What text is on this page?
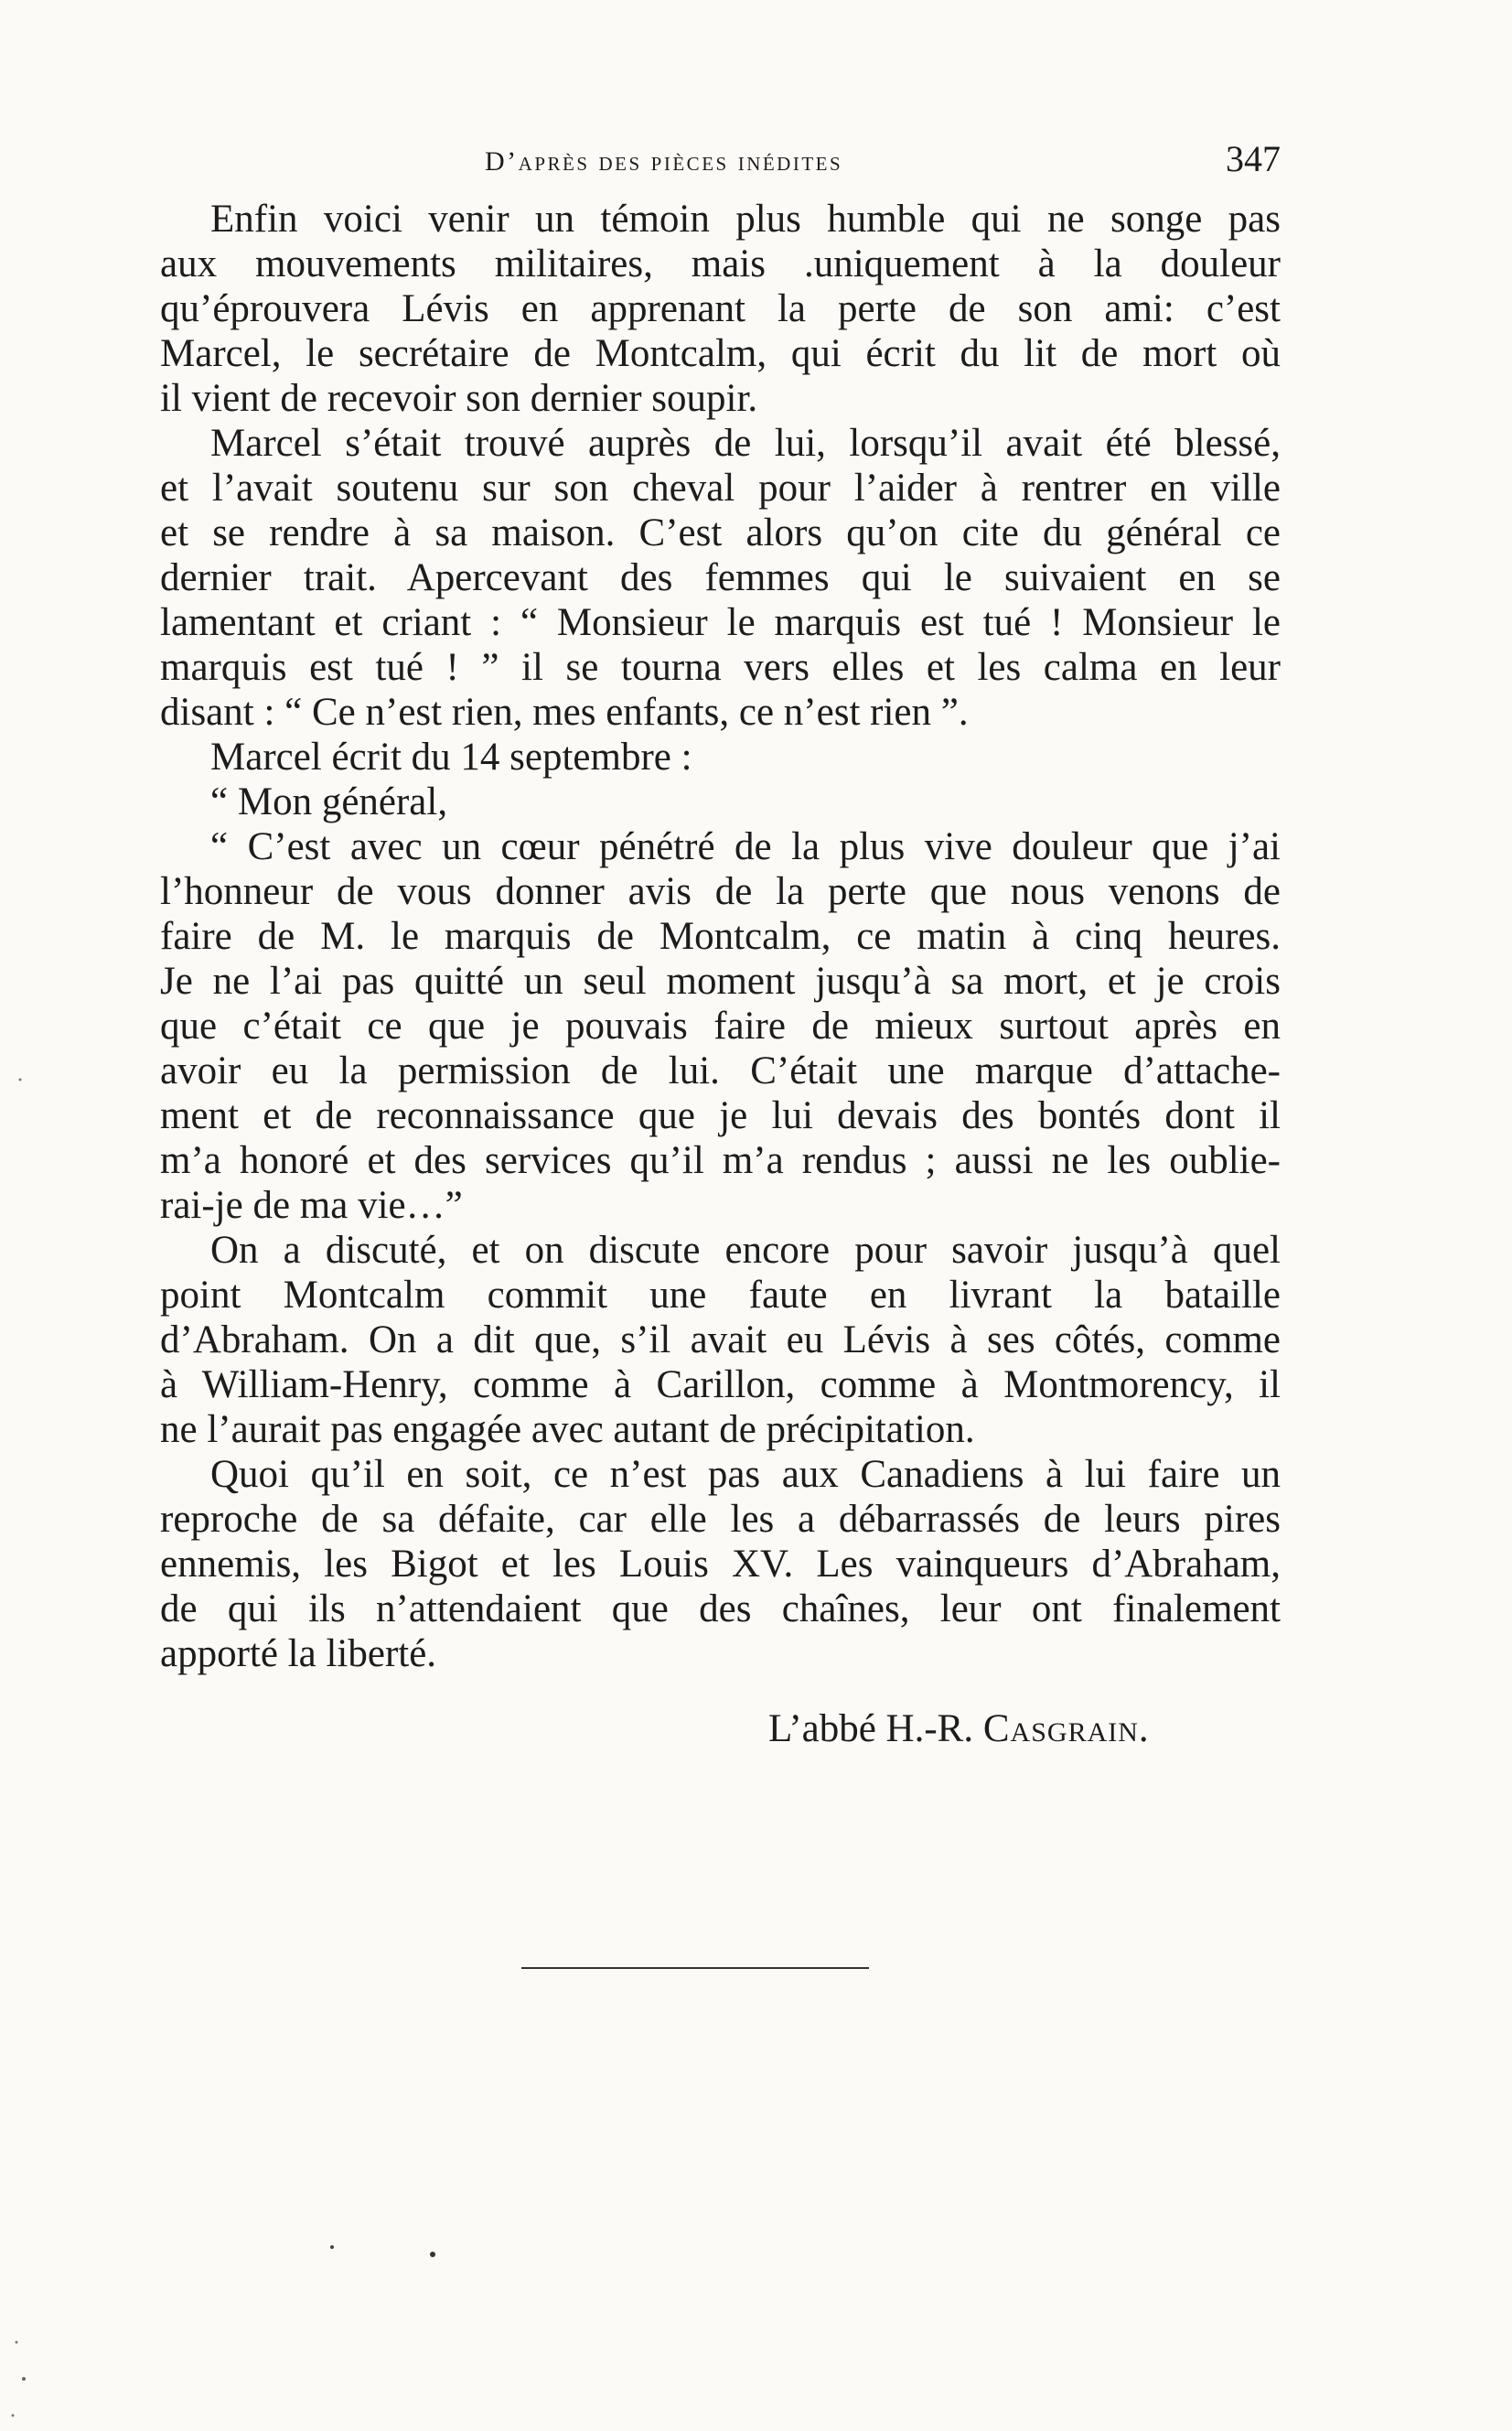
D’après des pièces inédites	347
Enfin voici venir un témoin plus humble qui ne songe pas
aux mouvements militaires, mais .uniquement à la douleur
qu’éprouvera Lévis en apprenant la perte de son ami: c’est
Marcel, le secrétaire de Montcalm, qui écrit du lit de mort où
il vient de recevoir son dernier soupir.
Marcel s’était trouvé auprès de lui, lorsqu’il avait été blessé,
et l’avait soutenu sur son cheval pour l’aider à rentrer en ville
et se rendre à sa maison. C’est alors qu’on cite du général ce
dernier trait. Apercevant des femmes qui le suivaient en se
lamentant et criant : “ Monsieur le marquis est tué ! Monsieur le
marquis est tué ! ” il se tourna vers elles et les calma en leur
disant : “ Ce n’est rien, mes enfants, ce n’est rien ”.
Marcel écrit du 14 septembre :
“ Mon général,
“ C’est avec un cœur pénétré de la plus vive douleur que j’ai
l’honneur de vous donner avis de la perte que nous venons de
faire de M. le marquis de Montcalm, ce matin à cinq heures.
Je ne l’ai pas quitté un seul moment jusqu’à sa mort, et je crois
que c’était ce que je pouvais faire de mieux surtout après en
avoir eu la permission de lui. C’était une marque d’attache-
ment et de reconnaissance que je lui devais des bontés dont il
m’a honoré et des services qu’il m’a rendus ; aussi ne les oublie-
rai-je de ma vie…”
On a discuté, et on discute encore pour savoir jusqu’à quel
point Montcalm commit une faute en livrant la bataille
d’Abraham. On a dit que, s’il avait eu Lévis à ses côtés, comme
à William-Henry, comme à Carillon, comme à Montmorency, il
ne l’aurait pas engagée avec autant de précipitation.
Quoi qu’il en soit, ce n’est pas aux Canadiens à lui faire un
reproche de sa défaite, car elle les a débarrassés de leurs pires
ennemis, les Bigot et les Louis XV. Les vainqueurs d’Abraham,
de qui ils n’attendaient que des chaînes, leur ont finalement
apporté la liberté.
L’abbé H.-R. Casgrain.
